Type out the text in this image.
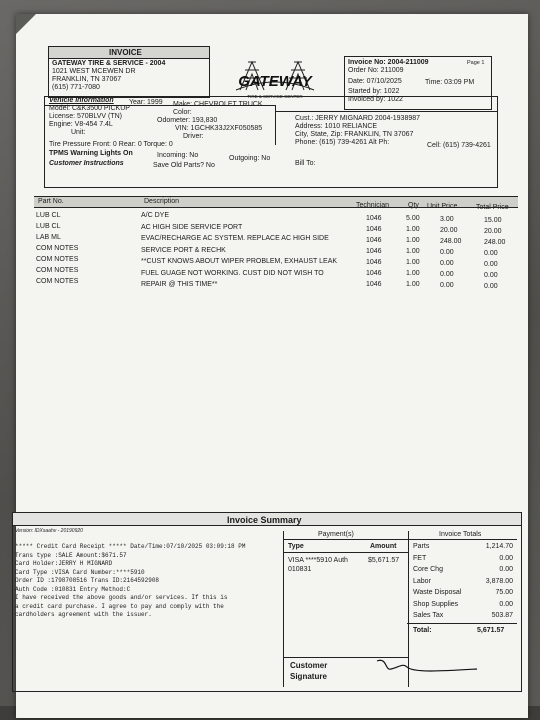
INVOICE
GATEWAY TIRE & SERVICE - 2004
1021 WEST MCEWEN DR
FRANKLIN, TN 37067
(615) 771-7080	GATEWAY
TIRE & SERVICE CENTER
Invoice No: 2004-211009	Page 1
Order No: 211009
Date: 07/10/2025	Time: 03:09 PM
Started by: 1022
Invoiced by: 1022
Vehicle Information Year: 1999 Make: CHEVROLET TRUCK
Model: C&K3500 PICKUP
Color:
License: 570BLVV (TN)
Odometer: 193,830
Engine: V8-454 7.4L
VIN: 1GCHK33J2XF050585
Unit:
Driver:
Tire Pressure Front: 0 Rear: 0 Torque: 0
TPMS Warning Lights On	Incoming: No	Outgoing: No
Customer Instructions	Save Old Parts? No
Cust.: JERRY MIGNARD 2004-1938987
Address: 1010 RELIANCE
City, State, Zip: FRANKLIN, TN 37067
Phone: (615) 739-4261 Alt Ph:	Cell: (615) 739-4261
Bill To:
Part No.	Description
Technician	Qty Unit Price	Total Price
LUB CL	A/C DYE	1046	5.00	3.00	15.00
LUB CL	AC HIGH SIDE SERVICE PORT	1046	1.00	20.00	20.00
LAB ML	EVAC/RECHARGE AC SYSTEM. REPLACE AC HIGH SIDE	1046	1.00	248.00	248.00
COM NOTES	SERVICE PORT & RECHK	1046	1.00	0.00	0.00
COM NOTES	**CUST KNOWS ABOUT WIPER PROBLEM, EXHAUST LEAK	1046	1.00	0.00	0.00
COM NOTES	FUEL GUAGE NOT WORKING. CUST DID NOT WISH TO	1046	1.00	0.00	0.00
COM NOTES	REPAIR @ THIS TIME**	1046	1.00	0.00	0.00
Invoice Summary
Version: IDXsaahv - 20190920
***** Credit Card Receipt ***** Date/Time:07/10/2025 03:09:18 PM
Trans type :SALE Amount:$671.57
Card Holder:JERRY H MIGNARD
Card Type :VISA Card Number:****5910
Order ID :1798708516 Trans ID:2164592908
Auth Code :010831 Entry Method:C
I have received the above goods and/or services. If this is
a credit card purchase. I agree to pay and comply with the
cardholders agreement with the issuer.
Payment(s)
Type	Amount
VISA ****5910 Auth	$5,671.57
010831
Customer
Signature
Invoice Totals
Parts	1,214.70
FET	0.00
Core Chg	0.00
Labor	3,878.00
Waste Disposal	75.00
Shop Supplies	0.00
Sales Tax	503.87
Total:	5,671.57
